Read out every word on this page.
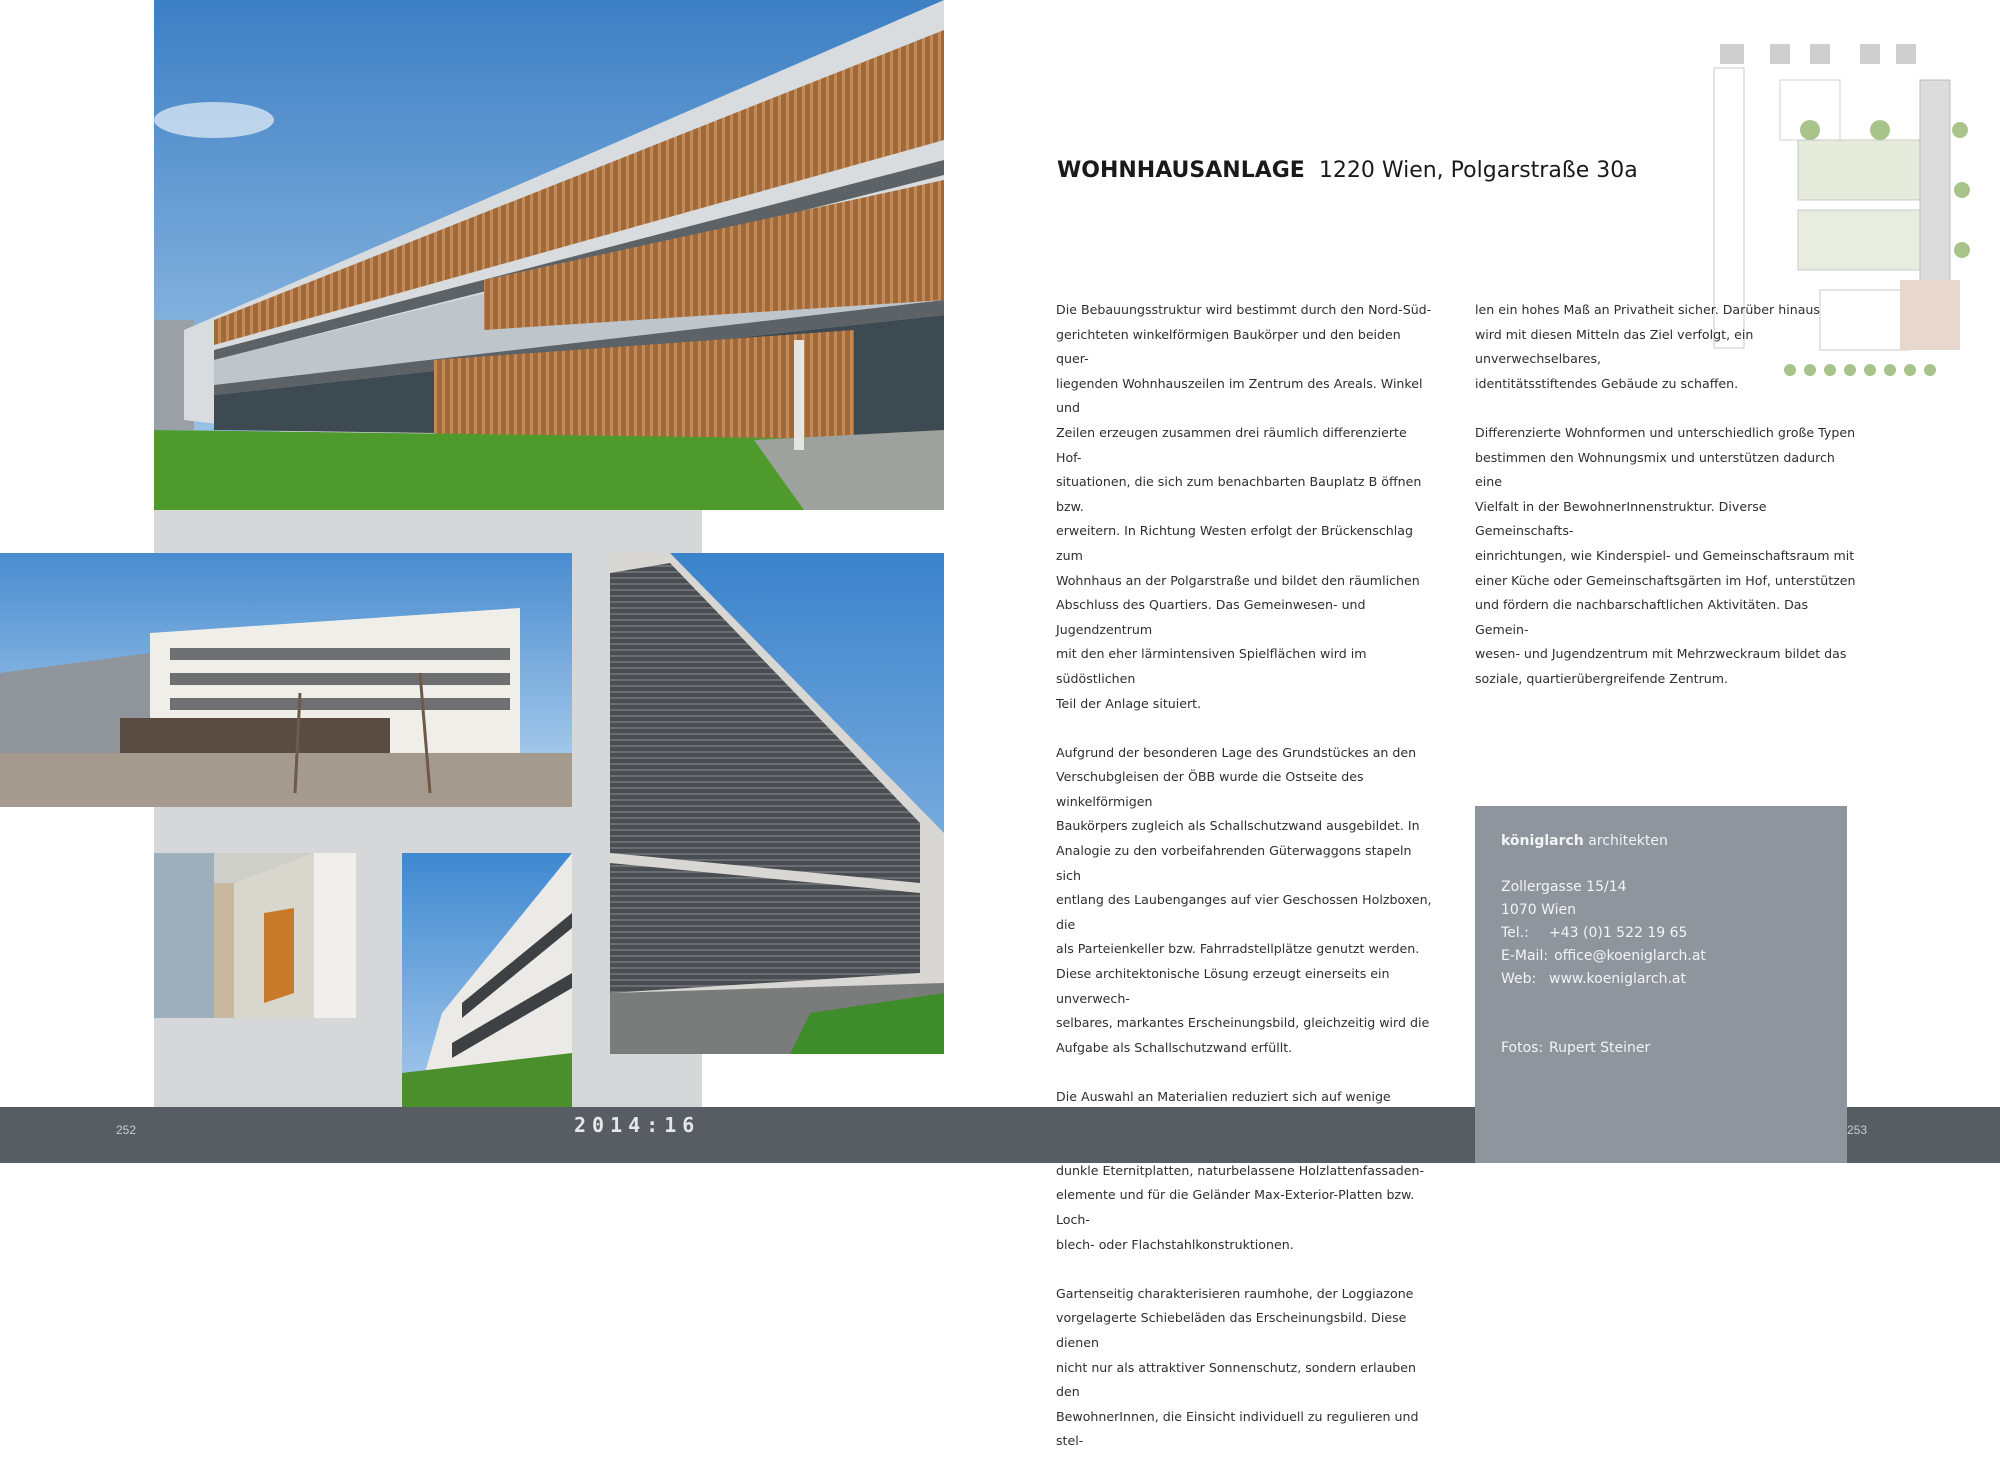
WOHNHAUSANLAGE 1220 Wien, Polgarstraße 30a

Die Bebauungsstruktur wird bestimmt durch den Nord-Süd-
gerichteten winkelförmigen Baukörper und den beiden quer-
liegenden Wohnhauszeilen im Zentrum des Areals. Winkel und
Zeilen erzeugen zusammen drei räumlich differenzierte Hof-
situationen, die sich zum benachbarten Bauplatz B öffnen bzw.
erweitern. In Richtung Westen erfolgt der Brückenschlag zum
Wohnhaus an der Polgarstraße und bildet den räumlichen
Abschluss des Quartiers. Das Gemeinwesen- und Jugendzentrum
mit den eher lärmintensiven Spielflächen wird im südöstlichen
Teil der Anlage situiert.

Aufgrund der besonderen Lage des Grundstückes an den
Verschubgleisen der ÖBB wurde die Ostseite des winkelförmigen
Baukörpers zugleich als Schallschutzwand ausgebildet. In
Analogie zu den vorbeifahrenden Güterwaggons stapeln sich
entlang des Laubenganges auf vier Geschossen Holzboxen, die
als Parteienkeller bzw. Fahrradstellplätze genutzt werden.
Diese architektonische Lösung erzeugt einerseits ein unverwech-
selbares, markantes Erscheinungsbild, gleichzeitig wird die
Aufgabe als Schallschutzwand erfüllt.

Die Auswahl an Materialien reduziert sich auf wenige

dunkle Eternitplatten, naturbelassene Holzlattenfassaden-
elemente und für die Geländer Max-Exterior-Platten bzw. Loch-
blech- oder Flachstahlkonstruktionen.

Gartenseitig charakterisieren raumhohe, der Loggiazone
vorgelagerte Schiebeläden das Erscheinungsbild. Diese dienen
nicht nur als attraktiver Sonnenschutz, sondern erlauben den
BewohnerInnen, die Einsicht individuell zu regulieren und stel-

len ein hohes Maß an Privatheit sicher. Darüber hinaus
wird mit diesen Mitteln das Ziel verfolgt, ein unverwechselbares,
identitätsstiftendes Gebäude zu schaffen.

Differenzierte Wohnformen und unterschiedlich große Typen
bestimmen den Wohnungsmix und unterstützen dadurch eine
Vielfalt in der BewohnerInnenstruktur. Diverse Gemeinschafts-
einrichtungen, wie Kinderspiel- und Gemeinschaftsraum mit
einer Küche oder Gemeinschaftsgärten im Hof, unterstützen
und fördern die nachbarschaftlichen Aktivitäten. Das Gemein-
wesen- und Jugendzentrum mit Mehrzweckraum bildet das
soziale, quartierübergreifende Zentrum.

252	2014:16	253
königlarch architekten
Zollergasse 15/14
1070 Wien
Tel.: +43 (0)1 522 19 65
E-Mail: office@koeniglarch.at
Web: www.koeniglarch.at
Fotos: Rupert Steiner
